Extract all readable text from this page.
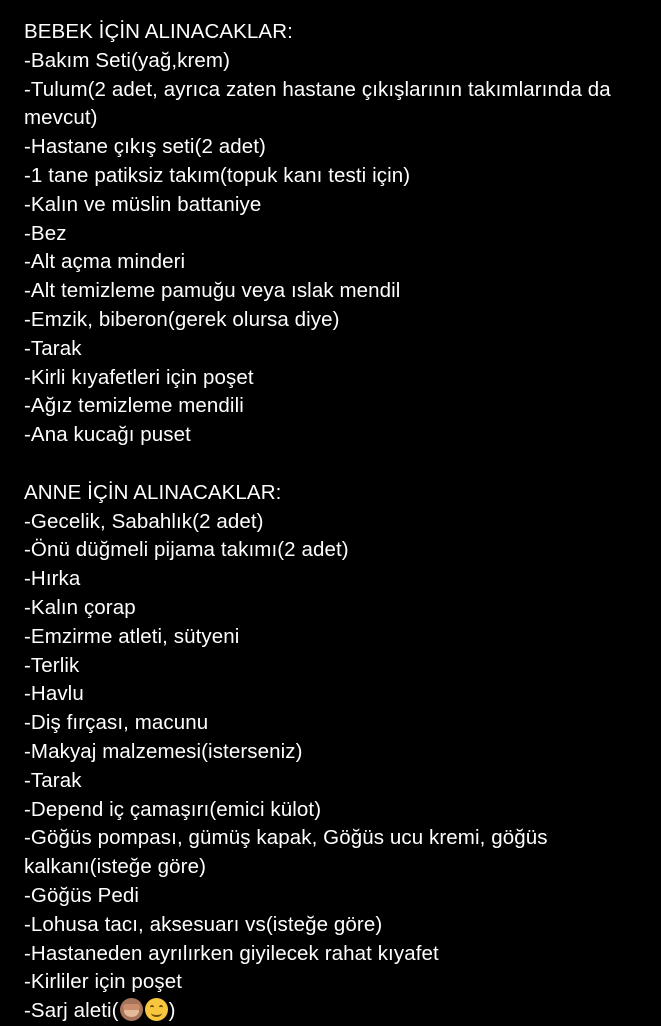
BEBEK İÇİN ALINACAKLAR:
-Bakım Seti(yağ,krem)
-Tulum(2 adet, ayrıca zaten hastane çıkışlarının takımlarında da mevcut)
-Hastane çıkış seti(2 adet)
-1 tane patiksiz takım(topuk kanı testi için)
-Kalın ve müslin battaniye
-Bez
-Alt açma minderi
-Alt temizleme pamuğu veya ıslak mendil
-Emzik, biberon(gerek olursa diye)
-Tarak
-Kirli kıyafetleri için poşet
-Ağız temizleme mendili
-Ana kucağı puset
ANNE İÇİN ALINACAKLAR:
-Gecelik, Sabahlık(2 adet)
-Önü düğmeli pijama takımı(2 adet)
-Hırka
-Kalın çorap
-Emzirme atleti, sütyeni
-Terlik
-Havlu
-Diş fırçası, macunu
-Makyaj malzemesi(isterseniz)
-Tarak
-Depend iç çamaşırı(emici külot)
-Göğüs pompası, gümüş kapak, Göğüs ucu kremi, göğüs kalkanı(isteğe göre)
-Göğüs Pedi
-Lohusa tacı, aksesuarı vs(isteğe göre)
-Hastaneden ayrılırken giyilecek rahat kıyafet
-Kirliler için poşet
-Sarj aleti( )
